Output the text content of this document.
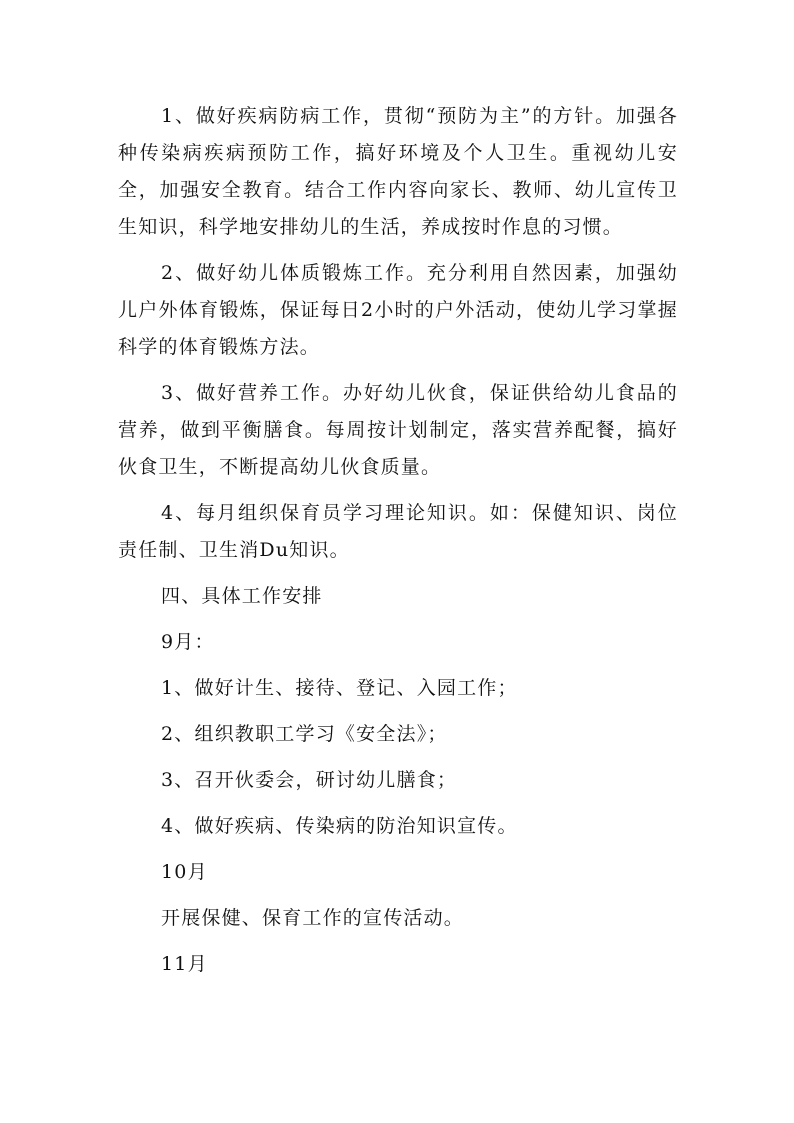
1、做好疾病防病工作，贯彻“预防为主”的方针。加强各种传染病疾病预防工作，搞好环境及个人卫生。重视幼儿安全，加强安全教育。结合工作内容向家长、教师、幼儿宣传卫生知识，科学地安排幼儿的生活，养成按时作息的习惯。

2、做好幼儿体质锻炼工作。充分利用自然因素，加强幼儿户外体育锻炼，保证每日2小时的户外活动，使幼儿学习掌握科学的体育锻炼方法。

3、做好营养工作。办好幼儿伙食，保证供给幼儿食品的营养，做到平衡膳食。每周按计划制定，落实营养配餐，搞好伙食卫生，不断提高幼儿伙食质量。

4、每月组织保育员学习理论知识。如：保健知识、岗位责任制、卫生消Du知识。

四、具体工作安排

9月：

1、做好计生、接待、登记、入园工作；

2、组织教职工学习《安全法》；

3、召开伙委会，研讨幼儿膳食；

4、做好疾病、传染病的防治知识宣传。

10月

开展保健、保育工作的宣传活动。

11月
